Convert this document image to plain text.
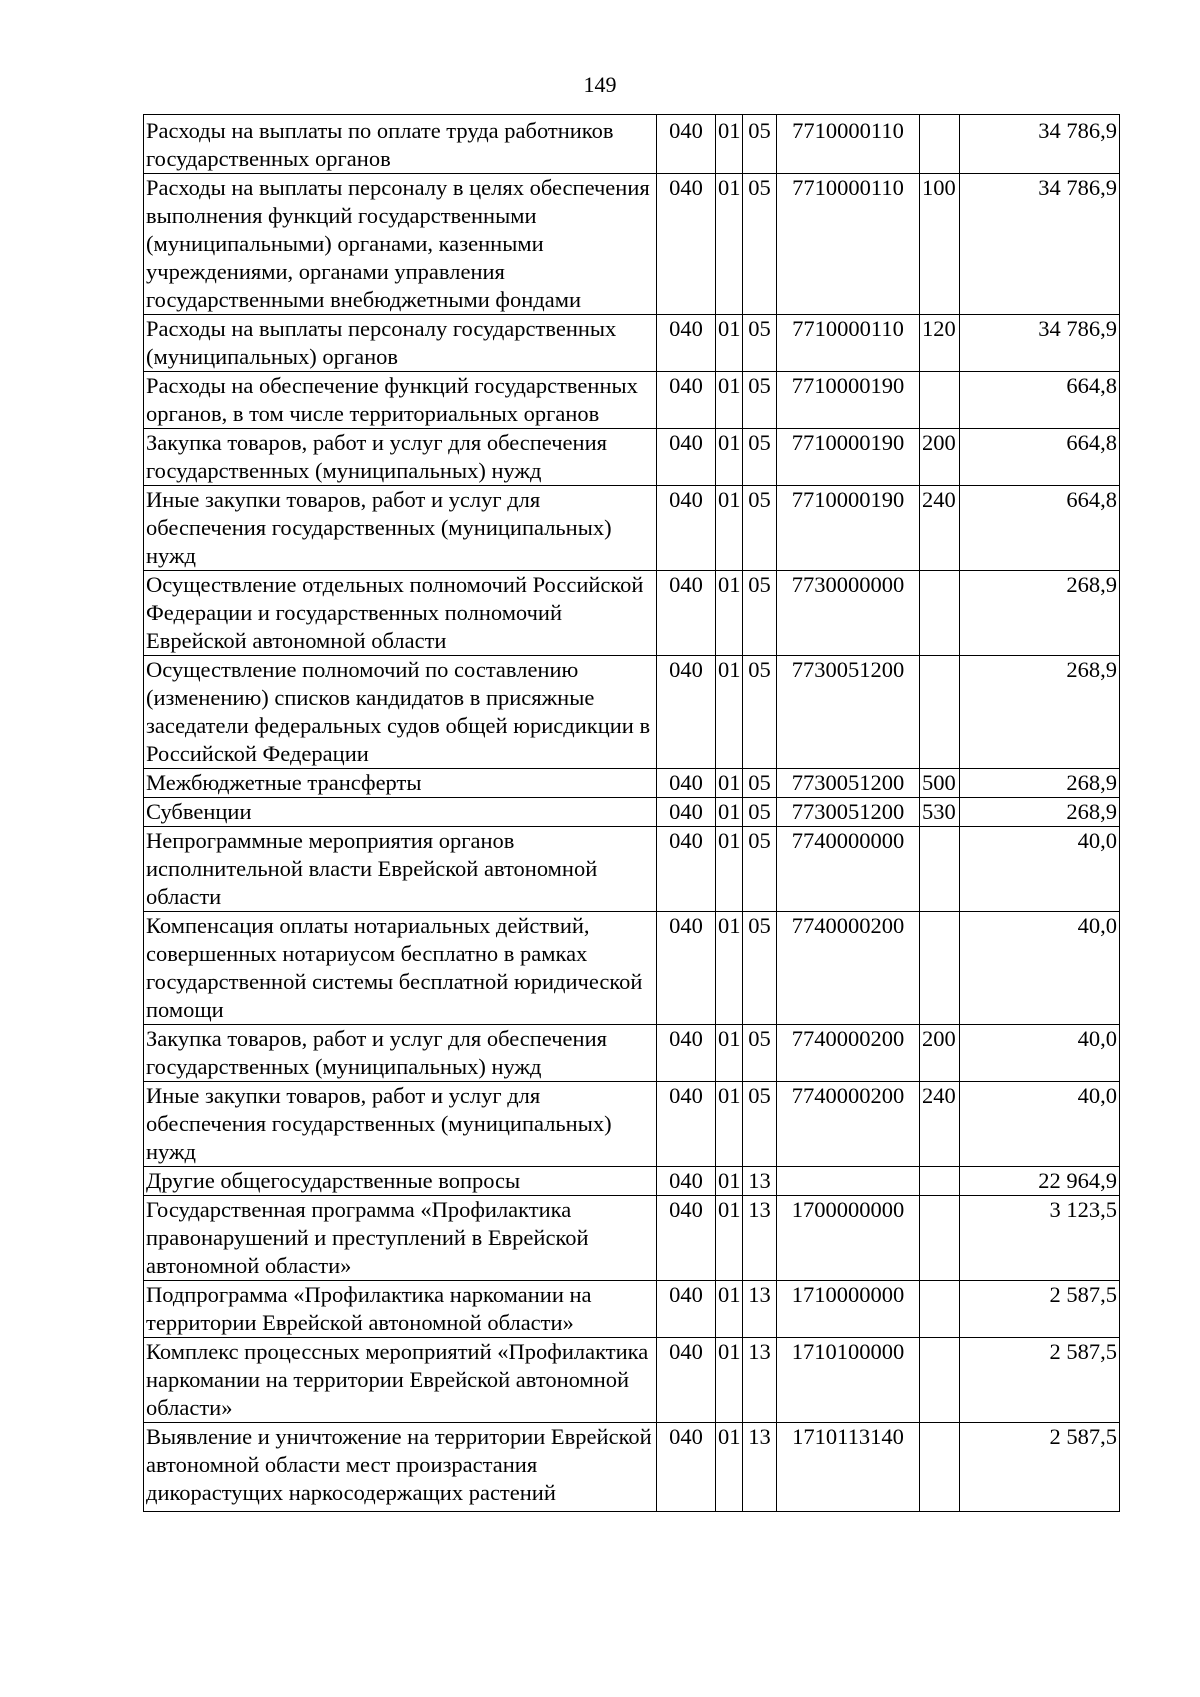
149
Расходы на выплаты по оплате труда работников государственных органов	040	01	05	7710000110		34 786,9
Расходы на выплаты персоналу в целях обеспечения выполнения функций государственными (муниципальными) органами, казенными учреждениями, органами управления государственными внебюджетными фондами	040	01	05	7710000110	100	34 786,9
Расходы на выплаты персоналу государственных (муниципальных) органов	040	01	05	7710000110	120	34 786,9
Расходы на обеспечение функций государственных органов, в том числе территориальных органов	040	01	05	7710000190		664,8
Закупка товаров, работ и услуг для обеспечения государственных (муниципальных) нужд	040	01	05	7710000190	200	664,8
Иные закупки товаров, работ и услуг для обеспечения государственных (муниципальных) нужд	040	01	05	7710000190	240	664,8
Осуществление отдельных полномочий Российской Федерации и государственных полномочий Еврейской автономной области	040	01	05	7730000000		268,9
Осуществление полномочий по составлению (изменению) списков кандидатов в присяжные заседатели федеральных судов общей юрисдикции в Российской Федерации	040	01	05	7730051200		268,9
Межбюджетные трансферты	040	01	05	7730051200	500	268,9
Субвенции	040	01	05	7730051200	530	268,9
Непрограммные мероприятия органов исполнительной власти Еврейской автономной области	040	01	05	7740000000		40,0
Компенсация оплаты нотариальных действий, совершенных нотариусом бесплатно в рамках государственной системы бесплатной юридической помощи	040	01	05	7740000200		40,0
Закупка товаров, работ и услуг для обеспечения государственных (муниципальных) нужд	040	01	05	7740000200	200	40,0
Иные закупки товаров, работ и услуг для обеспечения государственных (муниципальных) нужд	040	01	05	7740000200	240	40,0
Другие общегосударственные вопросы	040	01	13			22 964,9
Государственная программа «Профилактика правонарушений и преступлений в Еврейской автономной области»	040	01	13	1700000000		3 123,5
Подпрограмма «Профилактика наркомании на территории Еврейской автономной области»	040	01	13	1710000000		2 587,5
Комплекс процессных мероприятий «Профилактика наркомании на территории Еврейской автономной области»	040	01	13	1710100000		2 587,5
Выявление и уничтожение на территории Еврейской автономной области мест произрастания дикорастущих наркосодержащих растений	040	01	13	1710113140		2 587,5
